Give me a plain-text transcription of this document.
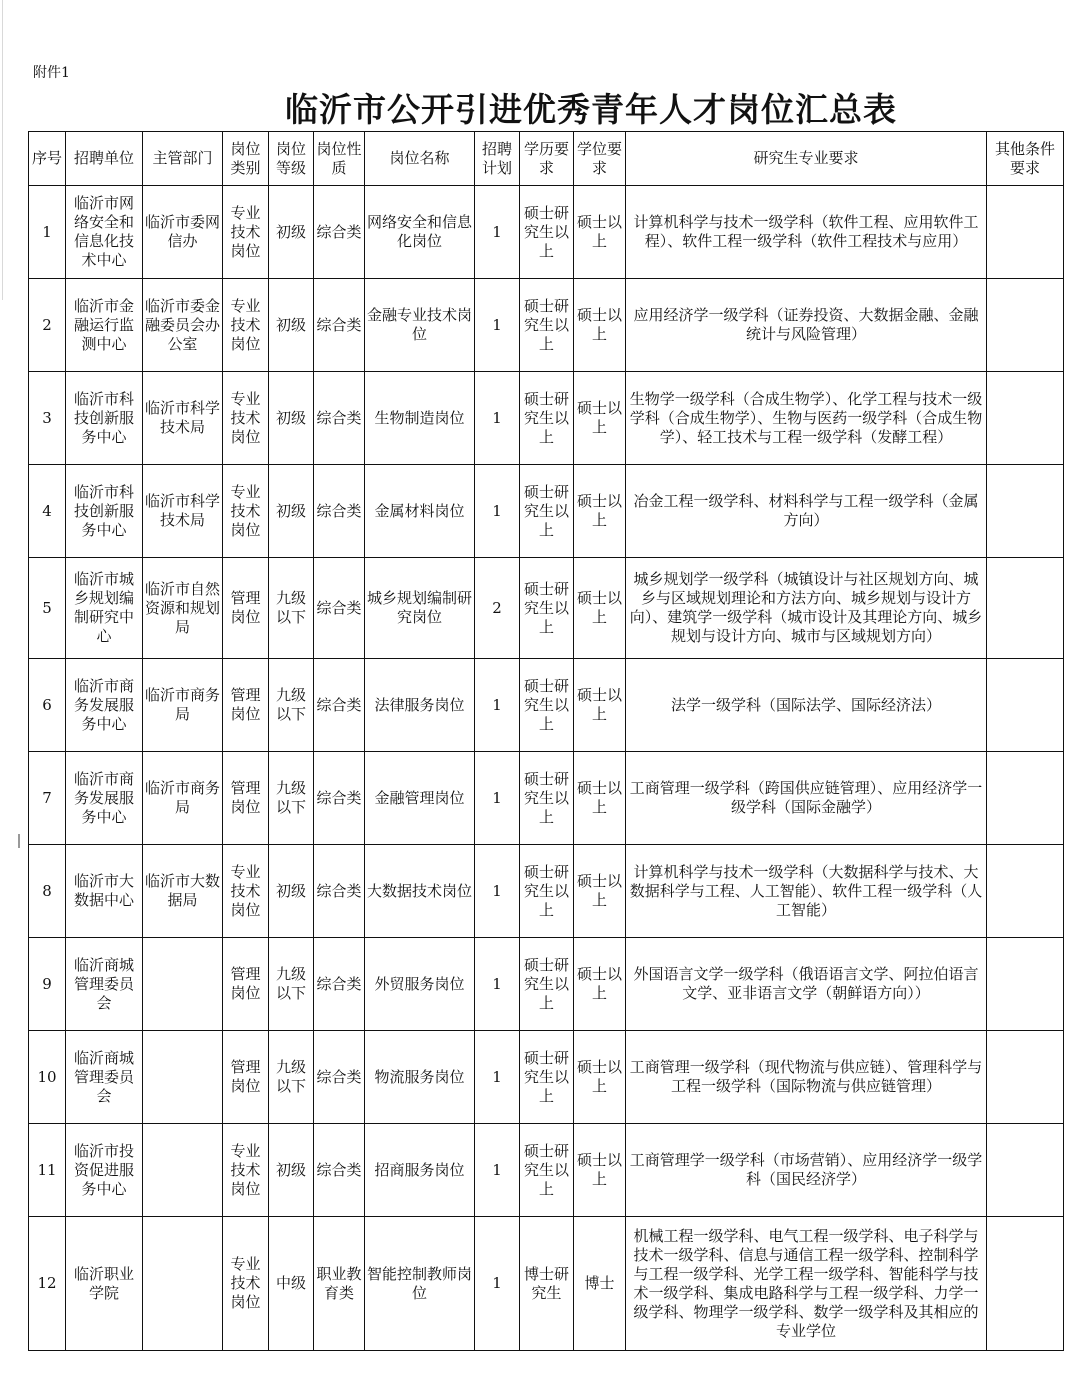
附件1
临沂市公开引进优秀青年人才岗位汇总表
序号	招聘单位	主管部门	岗位类别	岗位等级	岗位性质	岗位名称	招聘计划	学历要求	学位要求	研究生专业要求	其他条件要求
1	临沂市网络安全和信息化技术中心	临沂市委网信办	专业技术岗位	初级	综合类	网络安全和信息化岗位	1	硕士研究生以上	硕士以上	计算机科学与技术一级学科（软件工程、应用软件工程）、软件工程一级学科（软件工程技术与应用）	
2	临沂市金融运行监测中心	临沂市委金融委员会办公室	专业技术岗位	初级	综合类	金融专业技术岗位	1	硕士研究生以上	硕士以上	应用经济学一级学科（证券投资、大数据金融、金融统计与风险管理）	
3	临沂市科技创新服务中心	临沂市科学技术局	专业技术岗位	初级	综合类	生物制造岗位	1	硕士研究生以上	硕士以上	生物学一级学科（合成生物学）、化学工程与技术一级学科（合成生物学）、生物与医药一级学科（合成生物学）、轻工技术与工程一级学科（发酵工程）	
4	临沂市科技创新服务中心	临沂市科学技术局	专业技术岗位	初级	综合类	金属材料岗位	1	硕士研究生以上	硕士以上	冶金工程一级学科、材料科学与工程一级学科（金属方向）	
5	临沂市城乡规划编制研究中心	临沂市自然资源和规划局	管理岗位	九级以下	综合类	城乡规划编制研究岗位	2	硕士研究生以上	硕士以上	城乡规划学一级学科（城镇设计与社区规划方向、城乡与区域规划理论和方法方向、城乡规划与设计方向）、建筑学一级学科（城市设计及其理论方向、城乡规划与设计方向、城市与区域规划方向）	
6	临沂市商务发展服务中心	临沂市商务局	管理岗位	九级以下	综合类	法律服务岗位	1	硕士研究生以上	硕士以上	法学一级学科（国际法学、国际经济法）	
7	临沂市商务发展服务中心	临沂市商务局	管理岗位	九级以下	综合类	金融管理岗位	1	硕士研究生以上	硕士以上	工商管理一级学科（跨国供应链管理）、应用经济学一级学科（国际金融学）	
8	临沂市大数据中心	临沂市大数据局	专业技术岗位	初级	综合类	大数据技术岗位	1	硕士研究生以上	硕士以上	计算机科学与技术一级学科（大数据科学与技术、大数据科学与工程、人工智能）、软件工程一级学科（人工智能）	
9	临沂商城管理委员会		管理岗位	九级以下	综合类	外贸服务岗位	1	硕士研究生以上	硕士以上	外国语言文学一级学科（俄语语言文学、阿拉伯语言文学、亚非语言文学（朝鲜语方向））	
10	临沂商城管理委员会		管理岗位	九级以下	综合类	物流服务岗位	1	硕士研究生以上	硕士以上	工商管理一级学科（现代物流与供应链）、管理科学与工程一级学科（国际物流与供应链管理）	
11	临沂市投资促进服务中心		专业技术岗位	初级	综合类	招商服务岗位	1	硕士研究生以上	硕士以上	工商管理学一级学科（市场营销）、应用经济学一级学科（国民经济学）	
12	临沂职业学院		专业技术岗位	中级	职业教育类	智能控制教师岗位	1	博士研究生	博士	机械工程一级学科、电气工程一级学科、电子科学与技术一级学科、信息与通信工程一级学科、控制科学与工程一级学科、光学工程一级学科、智能科学与技术一级学科、集成电路科学与工程一级学科、力学一级学科、物理学一级学科、数学一级学科及其相应的专业学位	
